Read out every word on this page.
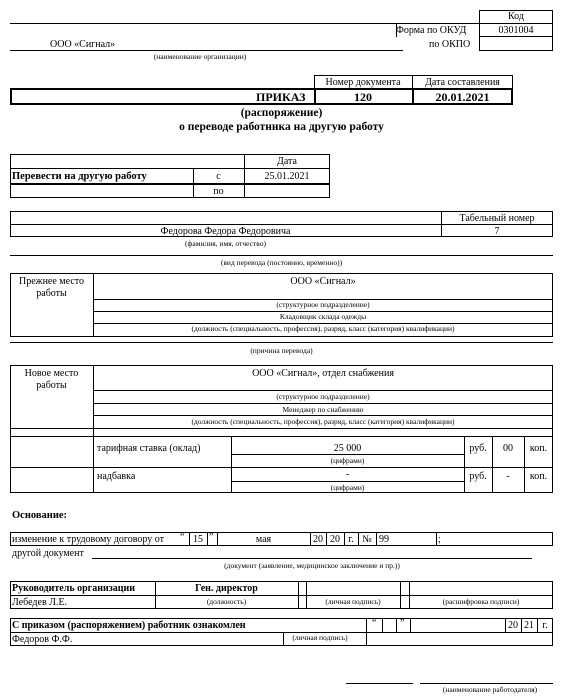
Код
Форма по ОКУД	0301004
ООО «Сигнал»	по ОКПО
(наименование организации)
Номер документа	Дата составления
ПРИКАЗ	120	20.01.2021
(распоряжение)
о переводе работника на другую работу
Дата
Перевести на другую работу	с	25.01.2021
по
Табельный номер
Федорова Федора Федоровича	7
(фамилия, имя, отчество)
(вид перевода (постоянно, временно))
Прежнее место работы
ООО «Сигнал»
(структурное подразделение)
Кладовщик склада одежды
(должность (специальность, профессия), разряд, класс (категория) квалификации)
(причина перевода)
Новое место работы
ООО «Сигнал», отдел снабжения
(структурное подразделение)
Менеджер по снабжению
(должность (специальность, профессия), разряд, класс (категория) квалификации)
тарифная ставка (оклад)	25 000
(цифрами)
руб.	00	коп.
надбавка	-
(цифрами)
руб.	-	коп.
Основание:
изменение к трудовому договору от “ 15 ”	мая	20 20 г. № 99	;
другой документ
(документ (заявление, медицинское заключение и пр.))
Руководитель организации	Ген. директор
Лебедев Л.Е.	(должность)	(личная подпись)	(расшифровка подписи)
С приказом (распоряжением) работник ознакомлен	“ ”	20 21 г.
Федоров Ф.Ф.	(личная подпись)
(наименование работодателя)
